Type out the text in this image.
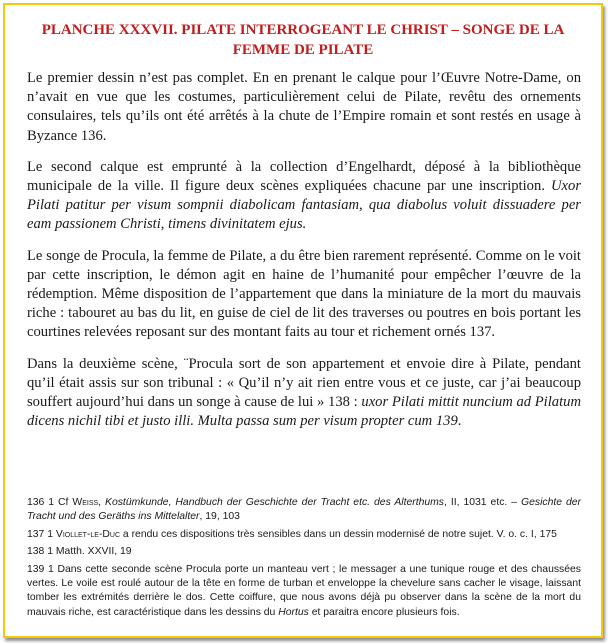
PLANCHE XXXVII. PILATE INTERROGEANT LE CHRIST – SONGE DE LA FEMME DE PILATE

Le premier dessin n’est pas complet. En en prenant le calque pour l’Œuvre Notre-Dame, on n’avait en vue que les costumes, particulièrement celui de Pilate, revêtu des ornements consulaires, tels qu’ils ont été arrêtés à la chute de l’Empire romain et sont restés en usage à Byzance 136.

Le second calque est emprunté à la collection d’Engelhardt, déposé à la bibliothèque municipale de la ville. Il figure deux scènes expliquées chacune par une inscription. Uxor Pilati patitur per visum sompnii diabolicam fantasiam, qua diabolus voluit dissuadere per eam passionem Christi, timens divinitatem ejus.

Le songe de Procula, la femme de Pilate, a du être bien rarement représenté. Comme on le voit par cette inscription, le démon agit en haine de l’humanité pour empêcher l’œuvre de la rédemption. Même disposition de l’appartement que dans la miniature de la mort du mauvais riche : tabouret au bas du lit, en guise de ciel de lit des traverses ou poutres en bois portant les courtines relevées reposant sur des montant faits au tour et richement ornés 137.

Dans la deuxième scène, ¨Procula sort de son appartement et envoie dire à Pilate, pendant qu’il était assis sur son tribunal : « Qu’il n’y ait rien entre vous et ce juste, car j’ai beaucoup souffert aujourd’hui dans un songe à cause de lui » 138 : uxor Pilati mittit nuncium ad Pilatum dicens nichil tibi et justo illi. Multa passa sum per visum propter cum 139.

136 1 Cf Weiss, Kostümkunde, Handbuch der Geschichte der Tracht etc. des Alterthums, II, 1031 etc. – Gesichte der Tracht und des Geräths ins Mittelalter, 19, 103
137 1 Viollet-le-Duc a rendu ces dispositions très sensibles dans un dessin modernisé de notre sujet. V. o. c. I, 175
138 1 Matth. XXVII, 19
139 1 Dans cette seconde scène Procula porte un manteau vert ; le messager a une tunique rouge et des chaussées vertes. Le voile est roulé autour de la tête en forme de turban et enveloppe la chevelure sans cacher le visage, laissant tomber les extrémités derrière le dos. Cette coiffure, que nous avons déjà pu observer dans la scène de la mort du mauvais riche, est caractéristique dans les dessins du Hortus et paraitra encore plusieurs fois.
